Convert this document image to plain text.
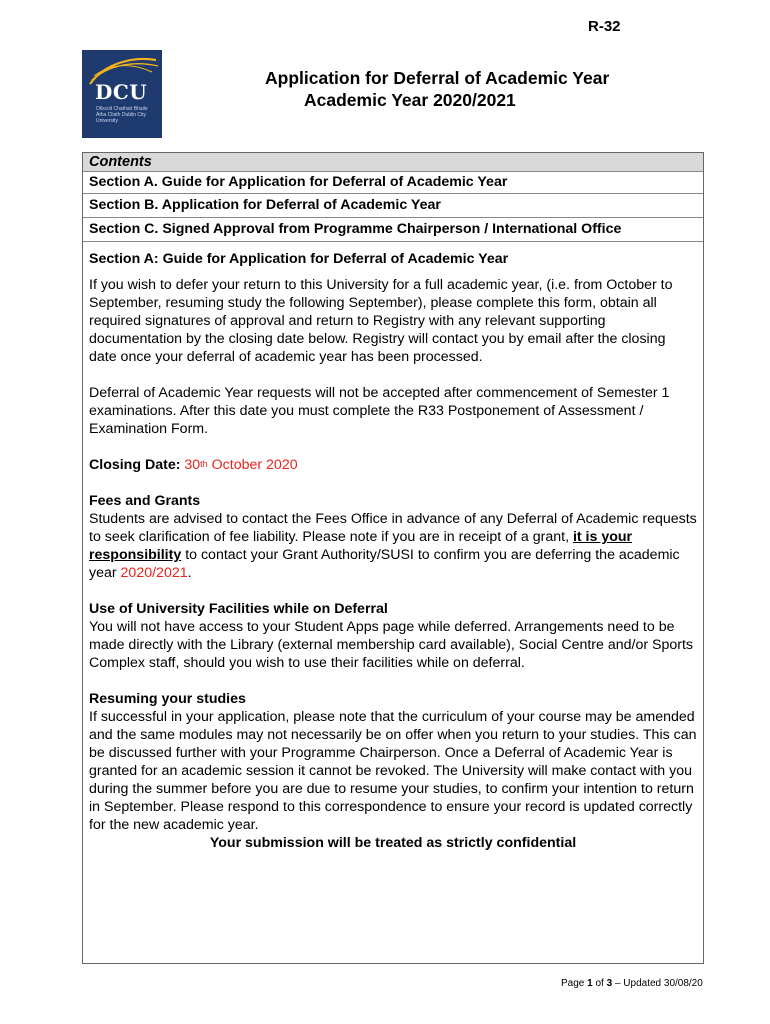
R-32
DCU
Ollscoil Chathair Bhaile Átha Cliath Dublin City University
Application for Deferral of Academic Year
Academic Year 2020/2021
Contents
Section A. Guide for Application for Deferral of Academic Year
Section B. Application for Deferral of Academic Year
Section C. Signed Approval from Programme Chairperson / International Office

Section A: Guide for Application for Deferral of Academic Year

If you wish to defer your return to this University for a full academic year, (i.e. from October to September, resuming study the following September), please complete this form, obtain all required signatures of approval and return to Registry with any relevant supporting documentation by the closing date below. Registry will contact you by email after the closing date once your deferral of academic year has been processed.

Deferral of Academic Year requests will not be accepted after commencement of Semester 1 examinations. After this date you must complete the R33 Postponement of Assessment / Examination Form.

Closing Date: 30th October 2020

Fees and Grants

Students are advised to contact the Fees Office in advance of any Deferral of Academic requests to seek clarification of fee liability. Please note if you are in receipt of a grant, it is your responsibility to contact your Grant Authority/SUSI to confirm you are deferring the academic year 2020/2021.

Use of University Facilities while on Deferral

You will not have access to your Student Apps page while deferred. Arrangements need to be made directly with the Library (external membership card available), Social Centre and/or Sports Complex staff, should you wish to use their facilities while on deferral.

Resuming your studies

If successful in your application, please note that the curriculum of your course may be amended and the same modules may not necessarily be on offer when you return to your studies. This can be discussed further with your Programme Chairperson. Once a Deferral of Academic Year is granted for an academic session it cannot be revoked. The University will make contact with you during the summer before you are due to resume your studies, to confirm your intention to return in September. Please respond to this correspondence to ensure your record is updated correctly for the new academic year.

Your submission will be treated as strictly confidential

Page 1 of 3 – Updated 30/08/20
